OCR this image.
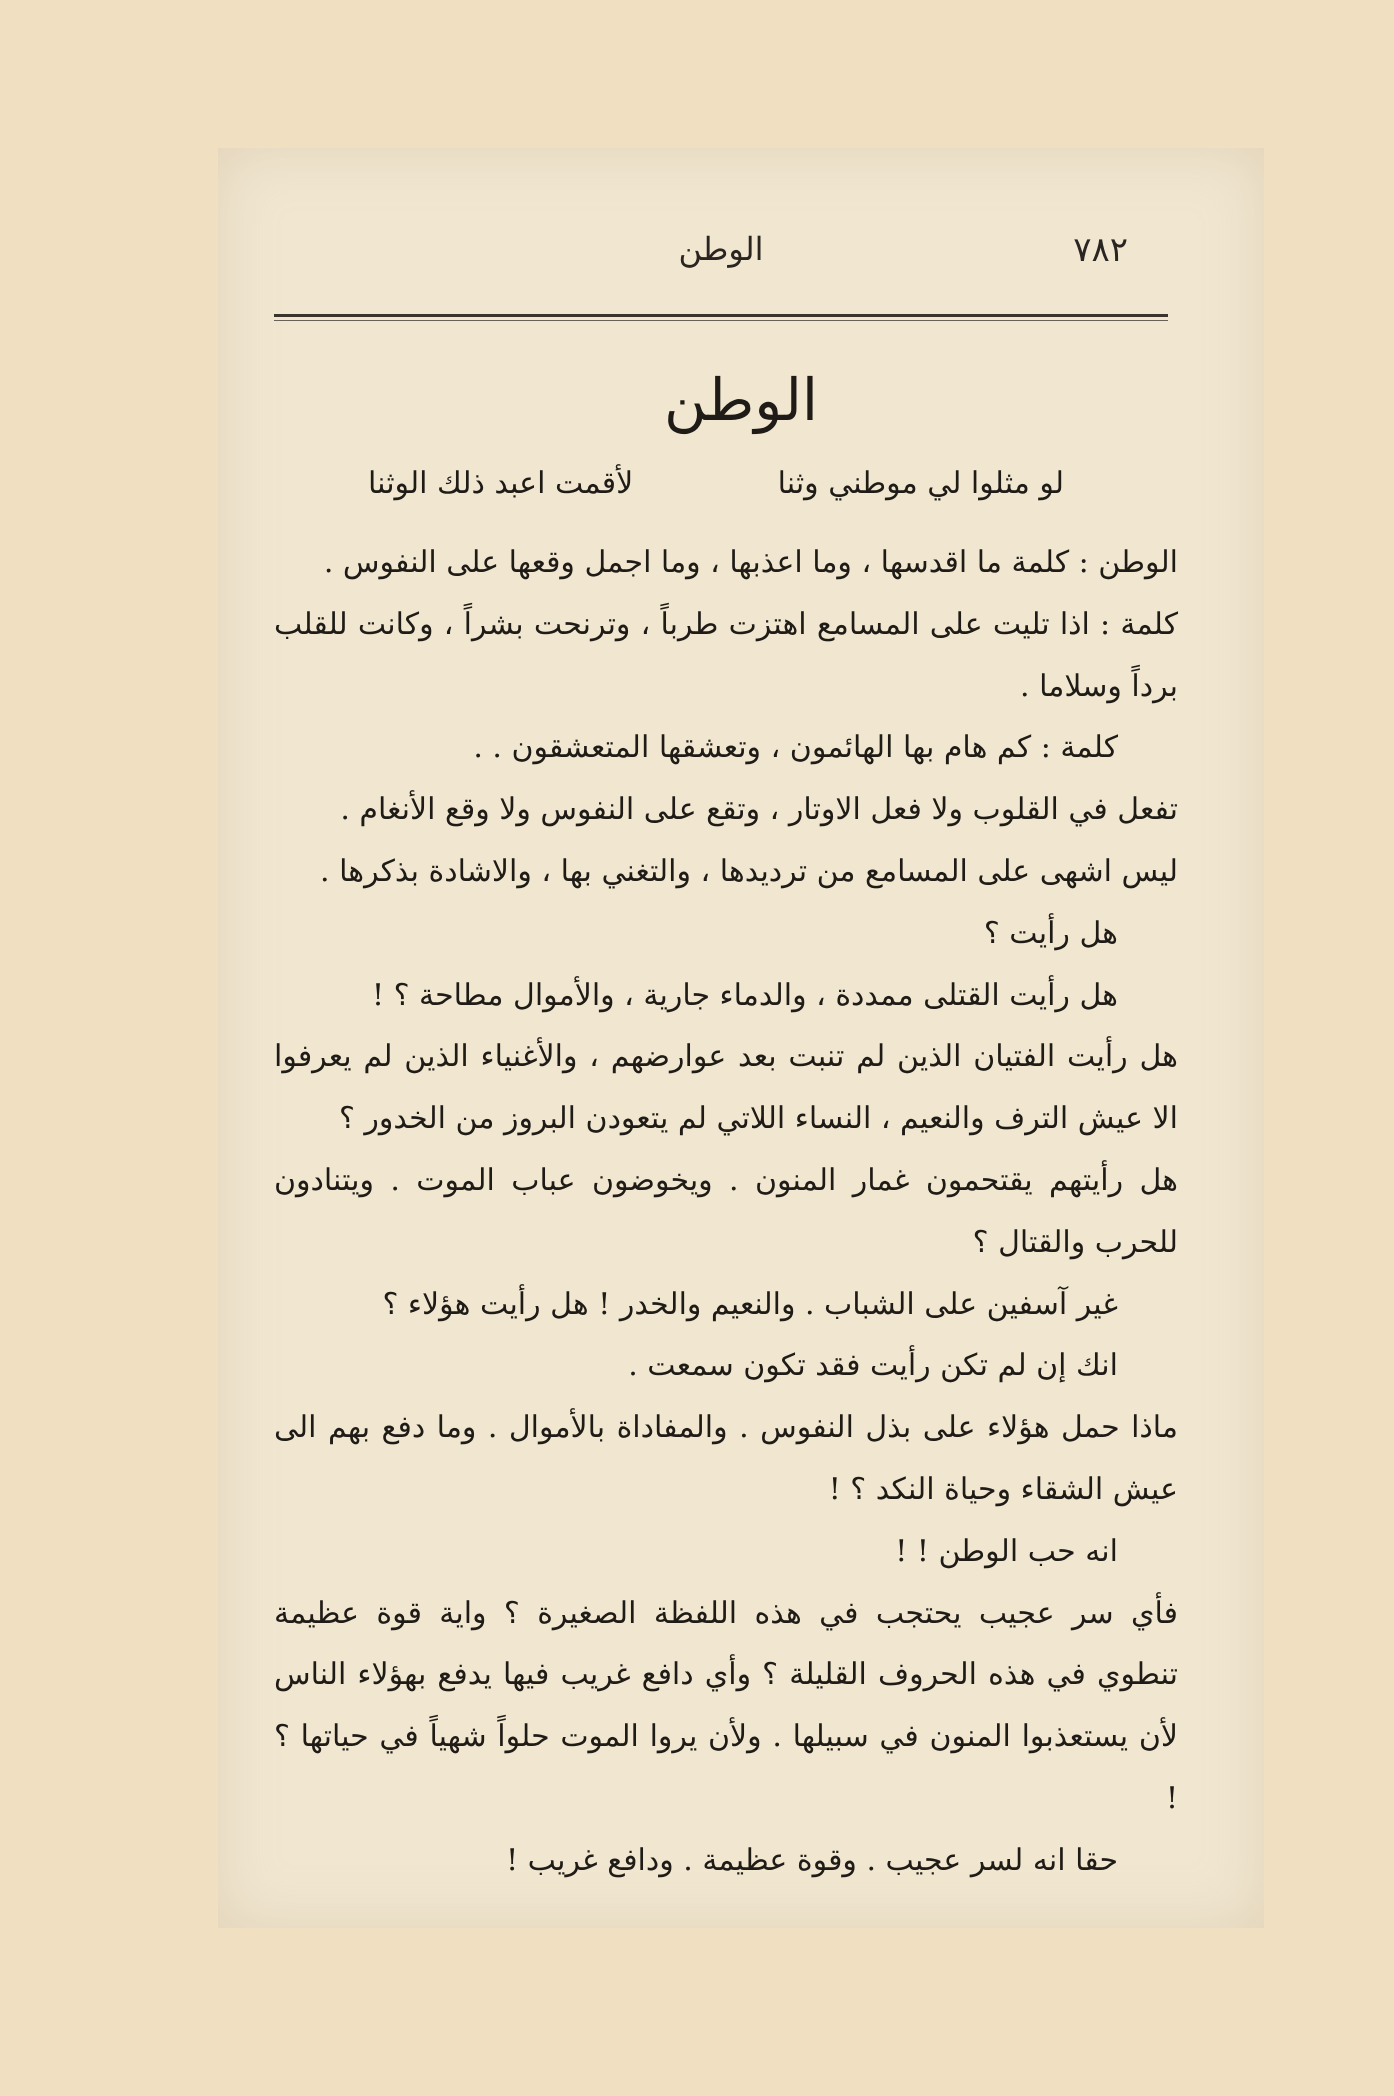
٧٨٢
الوطن
الوطن
لو مثلوا لي موطني وثنا
لأقمت اعبد ذلك الوثنا

الوطن : كلمة ما اقدسها ، وما اعذبها ، وما اجمل وقعها على النفوس .

كلمة : اذا تليت على المسامع اهتزت طرباً ، وترنحت بشراً ، وكانت للقلب برداً وسلاما .

كلمة : كم هام بها الهائمون ، وتعشقها المتعشقون . .

تفعل في القلوب ولا فعل الاوتار ، وتقع على النفوس ولا وقع الأنغام .

ليس اشهى على المسامع من ترديدها ، والتغني بها ، والاشادة بذكرها .

هل رأيت ؟

هل رأيت القتلى ممددة ، والدماء جارية ، والأموال مطاحة ؟ !

هل رأيت الفتيان الذين لم تنبت بعد عوارضهم ، والأغنياء الذين لم يعرفوا الا عيش الترف والنعيم ، النساء اللاتي لم يتعودن البروز من الخدور ؟

هل رأيتهم يقتحمون غمار المنون . ويخوضون عباب الموت . ويتنادون للحرب والقتال ؟

غير آسفين على الشباب . والنعيم والخدر ! هل رأيت هؤلاء ؟

انك إن لم تكن رأيت فقد تكون سمعت .

ماذا حمل هؤلاء على بذل النفوس . والمفاداة بالأموال . وما دفع بهم الى عيش الشقاء وحياة النكد ؟ !

انه حب الوطن ! !

فأي سر عجيب يحتجب في هذه اللفظة الصغيرة ؟ واية قوة عظيمة تنطوي في هذه الحروف القليلة ؟ وأي دافع غريب فيها يدفع بهؤلاء الناس لأن يستعذبوا المنون في سبيلها . ولأن يروا الموت حلواً شهياً في حياتها ؟ !

حقا انه لسر عجيب . وقوة عظيمة . ودافع غريب !
